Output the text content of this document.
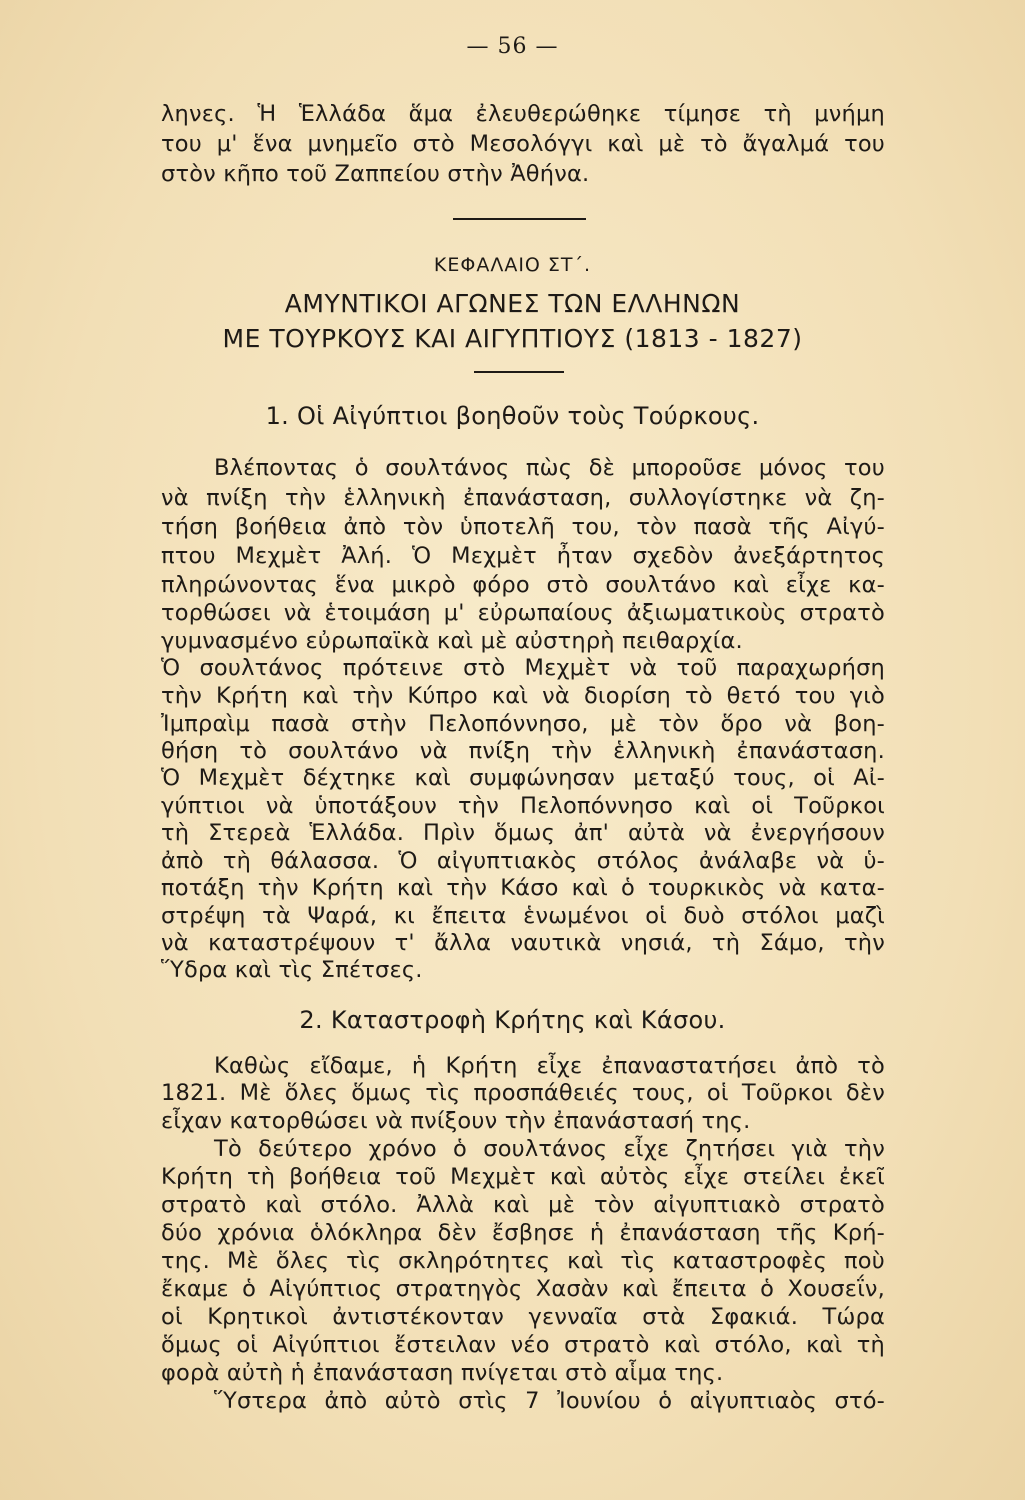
— 56 —

ληνες. Ἡ Ἑλλάδα ἅμα ἐλευθερώθηκε τίμησε τὴ μνήμη

του μ' ἕνα μνημεῖο στὸ Μεσολόγγι καὶ μὲ τὸ ἄγαλμά του

στὸν κῆπο τοῦ Ζαππείου στὴν Ἀθήνα.

ΚΕΦΑΛΑΙΟ ΣΤ΄.

ΑΜΥΝΤΙΚΟΙ ΑΓΩΝΕΣ ΤΩΝ ΕΛΛΗΝΩΝ

ΜΕ ΤΟΥΡΚΟΥΣ ΚΑΙ ΑΙΓΥΠΤΙΟΥΣ (1813 - 1827)

1. Οἱ Αἰγύπτιοι βοηθοῦν τοὺς Τούρκους.

Βλέποντας ὁ σουλτάνος πὼς δὲ μποροῦσε μόνος του

νὰ πνίξη τὴν ἑλληνικὴ ἐπανάσταση, συλλογίστηκε νὰ ζη-

τήση βοήθεια ἀπὸ τὸν ὑποτελῆ του, τὸν πασὰ τῆς Αἰγύ-

πτου Μεχμὲτ Ἀλή. Ὁ Μεχμὲτ ἦταν σχεδὸν ἀνεξάρτητος

πληρώνοντας ἕνα μικρὸ φόρο στὸ σουλτάνο καὶ εἶχε κα-

τορθώσει νὰ ἑτοιμάση μ' εὐρωπαίους ἀξιωματικοὺς στρατὸ

γυμνασμένο εὐρωπαϊκὰ καὶ μὲ αὐστηρὴ πειθαρχία.

Ὁ σουλτάνος πρότεινε στὸ Μεχμὲτ νὰ τοῦ παραχωρήση

τὴν Κρήτη καὶ τὴν Κύπρο καὶ νὰ διορίση τὸ θετό του γιὸ

Ἰμπραὶμ πασὰ στὴν Πελοπόννησο, μὲ τὸν ὅρο νὰ βοη-

θήση τὸ σουλτάνο νὰ πνίξη τὴν ἑλληνικὴ ἐπανάσταση.

Ὁ Μεχμὲτ δέχτηκε καὶ συμφώνησαν μεταξύ τους, οἱ Αἰ-

γύπτιοι νὰ ὑποτάξουν τὴν Πελοπόννησο καὶ οἱ Τοῦρκοι

τὴ Στερεὰ Ἑλλάδα. Πρὶν ὅμως ἀπ' αὐτὰ νὰ ἐνεργήσουν

ἀπὸ τὴ θάλασσα. Ὁ αἰγυπτιακὸς στόλος ἀνάλαβε νὰ ὑ-

ποτάξη τὴν Κρήτη καὶ τὴν Κάσο καὶ ὁ τουρκικὸς νὰ κατα-

στρέψη τὰ Ψαρά, κι ἔπειτα ἑνωμένοι οἱ δυὸ στόλοι μαζὶ

νὰ καταστρέψουν τ' ἄλλα ναυτικὰ νησιά, τὴ Σάμο, τὴν

Ὕδρα καὶ τὶς Σπέτσες.

2. Καταστροφὴ Κρήτης καὶ Κάσου.

Καθὼς εἴδαμε, ἡ Κρήτη εἶχε ἐπαναστατήσει ἀπὸ τὸ

1821. Μὲ ὅλες ὅμως τὶς προσπάθειές τους, οἱ Τοῦρκοι δὲν

εἶχαν κατορθώσει νὰ πνίξουν τὴν ἐπανάστασή της.

Τὸ δεύτερο χρόνο ὁ σουλτάνος εἶχε ζητήσει γιὰ τὴν

Κρήτη τὴ βοήθεια τοῦ Μεχμὲτ καὶ αὐτὸς εἶχε στείλει ἐκεῖ

στρατὸ καὶ στόλο. Ἀλλὰ καὶ μὲ τὸν αἰγυπτιακὸ στρατὸ

δύο χρόνια ὁλόκληρα δὲν ἔσβησε ἡ ἐπανάσταση τῆς Κρή-

της. Μὲ ὅλες τὶς σκληρότητες καὶ τὶς καταστροφὲς ποὺ

ἔκαμε ὁ Αἰγύπτιος στρατηγὸς Χασὰν καὶ ἔπειτα ὁ Χουσεΐν,

οἱ Κρητικοὶ ἀντιστέκονταν γενναῖα στὰ Σφακιά. Τώρα

ὅμως οἱ Αἰγύπτιοι ἔστειλαν νέο στρατὸ καὶ στόλο, καὶ τὴ

φορὰ αὐτὴ ἡ ἐπανάσταση πνίγεται στὸ αἷμα της.

Ὕστερα ἀπὸ αὐτὸ στὶς 7 Ἰουνίου ὁ αἰγυπτιαὸς στό-
